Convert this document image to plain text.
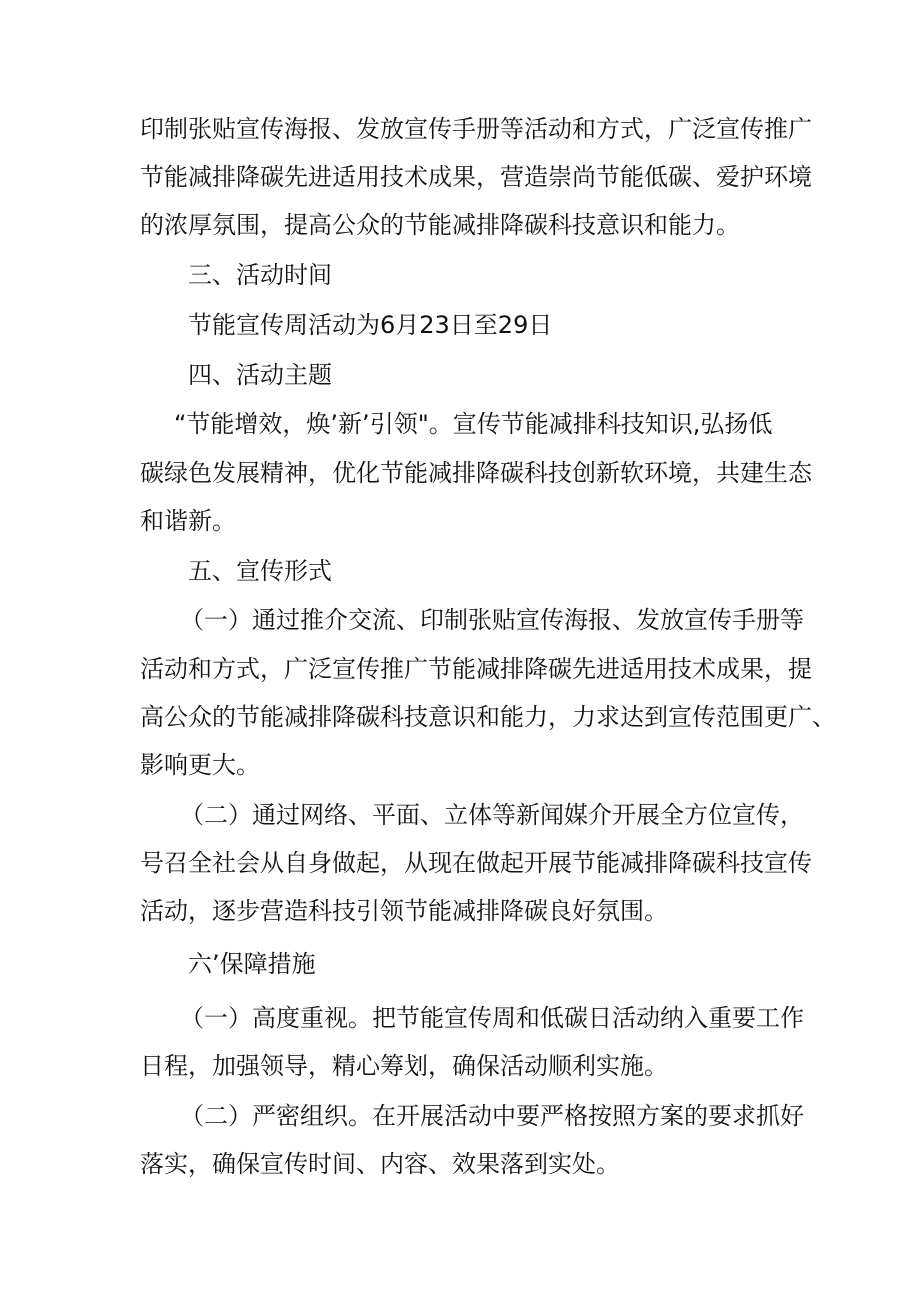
印制张贴宣传海报、发放宣传手册等活动和方式，广泛宣传推广
节能减排降碳先进适用技术成果，营造崇尚节能低碳、爱护环境
的浓厚氛围，提高公众的节能减排降碳科技意识和能力。
三、活动时间
节能宣传周活动为6月23日至29日
四、活动主题
“节能增效，焕’新’引领"。宣传节能减排科技知识,弘扬低
碳绿色发展精神，优化节能减排降碳科技创新软环境，共建生态
和谐新。
五、宣传形式
（一）通过推介交流、印制张贴宣传海报、发放宣传手册等
活动和方式，广泛宣传推广节能减排降碳先进适用技术成果，提
高公众的节能减排降碳科技意识和能力，力求达到宣传范围更广、
影响更大。
（二）通过网络、平面、立体等新闻媒介开展全方位宣传，
号召全社会从自身做起，从现在做起开展节能减排降碳科技宣传
活动，逐步营造科技引领节能减排降碳良好氛围。
六’保障措施
（一）高度重视。把节能宣传周和低碳日活动纳入重要工作
日程，加强领导，精心筹划，确保活动顺利实施。
（二）严密组织。在开展活动中要严格按照方案的要求抓好
落实，确保宣传时间、内容、效果落到实处。
